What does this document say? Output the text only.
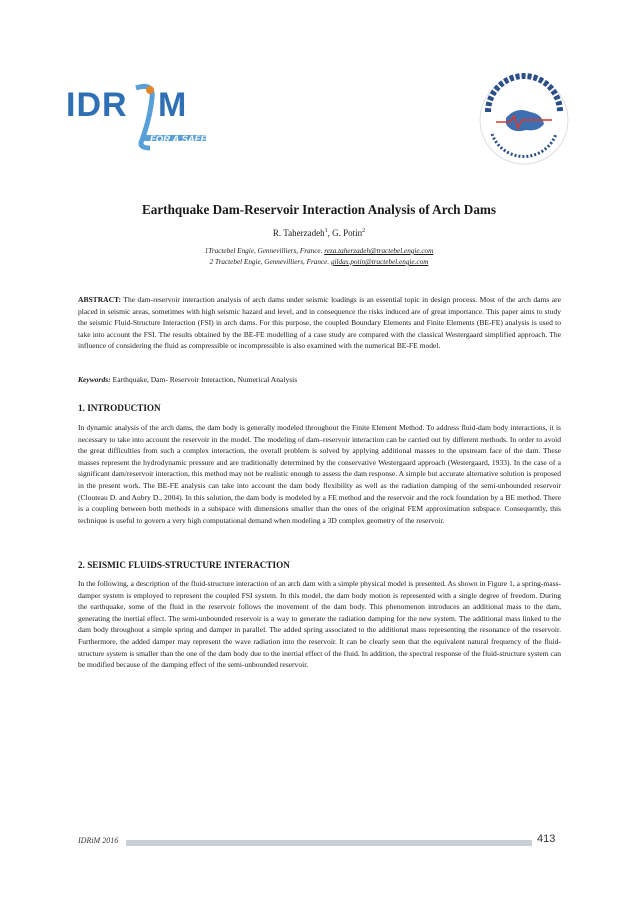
IDR M
FOR A SAFER WORLD
Earthquake Dam-Reservoir Interaction Analysis of Arch Dams
R. Taherzadeh$^1$, G. Potin$^2$
1Tractebel Engie, Gennevilliers, France. reza.taherzadeh@tractebel.engie.com
2 Tractebel Engie, Gennevilliers, France. gildas.potin@tractebel.engie.com

ABSTRACT: The dam-reservoir interaction analysis of arch dams under seismic loadings is an essential topic in design process. Most of the arch dams are placed in seismic areas, sometimes with high seismic hazard and level, and in consequence the risks induced are of great importance. This paper aims to study the seismic Fluid-Structure Interaction (FSI) in arch dams. For this purpose, the coupled Boundary Elements and Finite Elements (BE-FE) analysis is used to take into account the FSI. The results obtained by the BE-FE modelling of a case study are compared with the classical Westergaard simplified approach. The influence of considering the fluid as compressible or incompressible is also examined with the numerical BE-FE model.

Keywords: Earthquake, Dam- Reservoir Interaction, Numerical Analysis

1. INTRODUCTION

In dynamic analysis of the arch dams, the dam body is generally modeled throughout the Finite Element Method. To address fluid-dam body interactions, it is necessary to take into account the reservoir in the model. The modeling of dam–reservoir interaction can be carried out by different methods. In order to avoid the great difficulties from such a complex interaction, the overall problem is solved by applying additional masses to the upstream face of the dam. These masses represent the hydrodynamic pressure and are traditionally determined by the conservative Westergaard approach (Westergaard, 1933). In the case of a significant dam/reservoir interaction, this method may not be realistic enough to assess the dam response. A simple but accurate alternative solution is proposed in the present work. The BE-FE analysis can take into account the dam body flexibility as well as the radiation damping of the semi-unbounded reservoir (Clouteau D. and Aubry D., 2004). In this solution, the dam body is modeled by a FE method and the reservoir and the rock foundation by a BE method. There is a coupling between both methods in a subspace with dimensions smaller than the ones of the original FEM approximation subspace. Consequently, this technique is useful to govern a very high computational demand when modeling a 3D complex geometry of the reservoir.

2. SEISMIC FLUIDS-STRUCTURE INTERACTION

In the following, a description of the fluid-structure interaction of an arch dam with a simple physical model is presented. As shown in Figure 1, a spring-mass-damper system is employed to represent the coupled FSI system. In this model, the dam body motion is represented with a single degree of freedom. During the earthquake, some of the fluid in the reservoir follows the movement of the dam body. This phenomenon introduces an additional mass to the dam, generating the inertial effect. The semi-unbounded reservoir is a way to generate the radiation damping for the new system. The additional mass linked to the dam body throughout a simple spring and damper in parallel. The added spring associated to the additional mass representing the resonance of the reservoir. Furthermore, the added damper may represent the wave radiation into the reservoir. It can be clearly seen that the equivalent natural frequency of the fluid-structure system is smaller than the one of the dam body due to the inertial effect of the fluid. In addition, the spectral response of the fluid-structure system can be modified because of the damping effect of the semi-unbounded reservoir.

IDRiM 2016	413
